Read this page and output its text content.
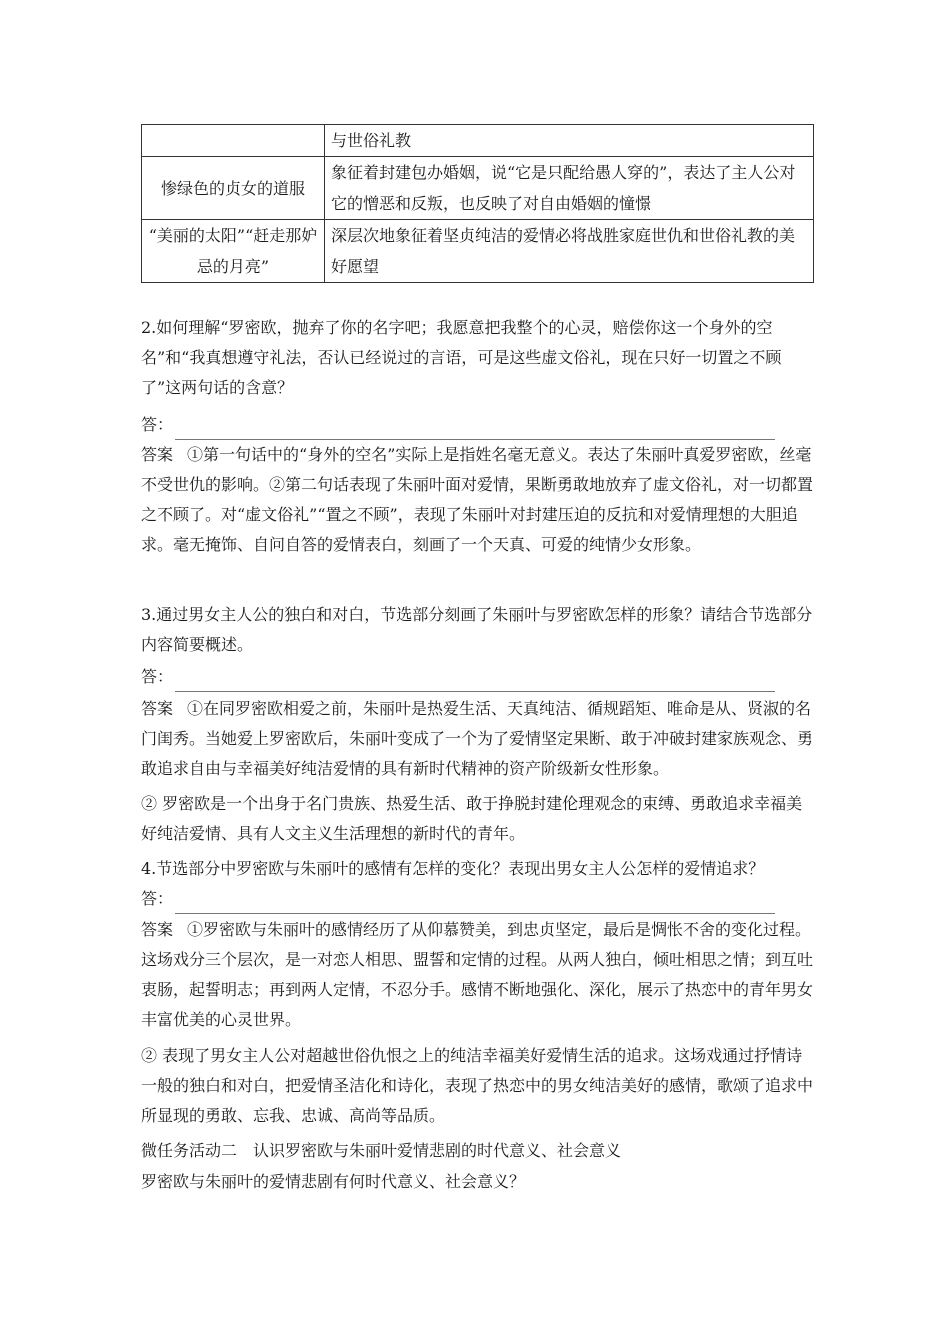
	与世俗礼教
惨绿色的贞女的道服	象征着封建包办婚姻，说“它是只配给愚人穿的”，表达了主人公对它的憎恶和反叛，也反映了对自由婚姻的憧憬
“美丽的太阳”“赶走那妒忌的月亮”	深层次地象征着坚贞纯洁的爱情必将战胜家庭世仇和世俗礼教的美好愿望

2.如何理解“罗密欧，抛弃了你的名字吧；我愿意把我整个的心灵，赔偿你这一个身外的空名”和“我真想遵守礼法，否认已经说过的言语，可是这些虚文俗礼，现在只好一切置之不顾了”这两句话的含意？

答：

答案 ①第一句话中的“身外的空名”实际上是指姓名毫无意义。表达了朱丽叶真爱罗密欧，丝毫不受世仇的影响。②第二句话表现了朱丽叶面对爱情，果断勇敢地放弃了虚文俗礼，对一切都置之不顾了。对“虚文俗礼”“置之不顾”，表现了朱丽叶对封建压迫的反抗和对爱情理想的大胆追求。毫无掩饰、自问自答的爱情表白，刻画了一个天真、可爱的纯情少女形象。

3.通过男女主人公的独白和对白，节选部分刻画了朱丽叶与罗密欧怎样的形象？请结合节选部分内容简要概述。

答：

答案 ①在同罗密欧相爱之前，朱丽叶是热爱生活、天真纯洁、循规蹈矩、唯命是从、贤淑的名门闺秀。当她爱上罗密欧后，朱丽叶变成了一个为了爱情坚定果断、敢于冲破封建家族观念、勇敢追求自由与幸福美好纯洁爱情的具有新时代精神的资产阶级新女性形象。

② 罗密欧是一个出身于名门贵族、热爱生活、敢于挣脱封建伦理观念的束缚、勇敢追求幸福美好纯洁爱情、具有人文主义生活理想的新时代的青年。

4.节选部分中罗密欧与朱丽叶的感情有怎样的变化？表现出男女主人公怎样的爱情追求？

答：

答案 ①罗密欧与朱丽叶的感情经历了从仰慕赞美，到忠贞坚定，最后是惆怅不舍的变化过程。这场戏分三个层次，是一对恋人相思、盟誓和定情的过程。从两人独白，倾吐相思之情；到互吐衷肠，起誓明志；再到两人定情，不忍分手。感情不断地强化、深化，展示了热恋中的青年男女丰富优美的心灵世界。

② 表现了男女主人公对超越世俗仇恨之上的纯洁幸福美好爱情生活的追求。这场戏通过抒情诗一般的独白和对白，把爱情圣洁化和诗化，表现了热恋中的男女纯洁美好的感情，歌颂了追求中所显现的勇敢、忘我、忠诚、高尚等品质。

微任务活动二　认识罗密欧与朱丽叶爱情悲剧的时代意义、社会意义

罗密欧与朱丽叶的爱情悲剧有何时代意义、社会意义？
